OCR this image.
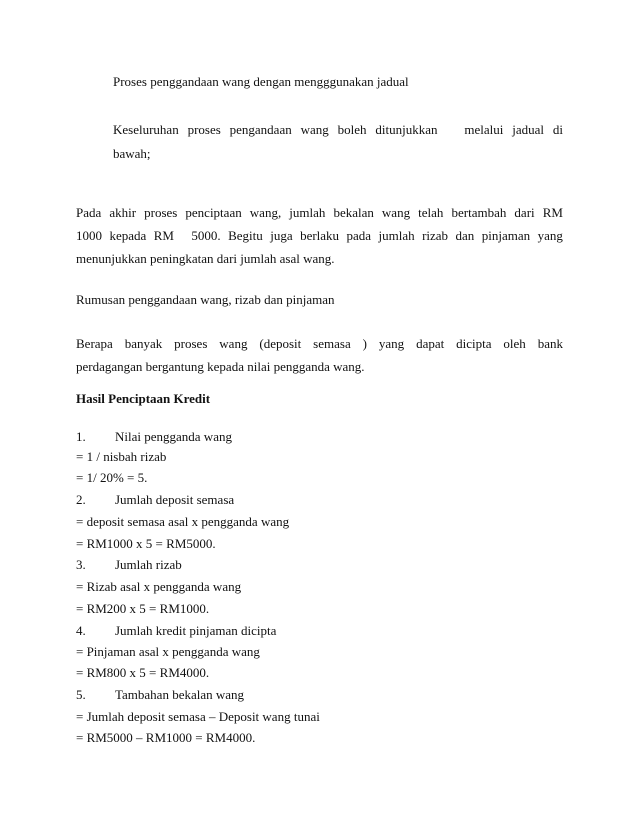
Proses penggandaan wang dengan mengggunakan jadual
Keseluruhan proses pengandaan wang boleh ditunjukkan melalui jadual di
bawah;
Pada akhir proses penciptaan wang, jumlah bekalan wang telah bertambah dari RM
1000 kepada RM 5000. Begitu juga berlaku pada jumlah rizab dan pinjaman yang
menunjukkan peningkatan dari jumlah asal wang.
Rumusan penggandaan wang, rizab dan pinjaman
Berapa banyak proses wang (deposit semasa ) yang dapat dicipta oleh bank
perdagangan bergantung kepada nilai pengganda wang.
Hasil Penciptaan Kredit
1. Nilai pengganda wang
= 1 / nisbah rizab
= 1/ 20% = 5.
2. Jumlah deposit semasa
= deposit semasa asal x pengganda wang
= RM1000 x 5 = RM5000.
3. Jumlah rizab
= Rizab asal x pengganda wang
= RM200 x 5 = RM1000.
4. Jumlah kredit pinjaman dicipta
= Pinjaman asal x pengganda wang
= RM800 x 5 = RM4000.
5. Tambahan bekalan wang
= Jumlah deposit semasa – Deposit wang tunai
= RM5000 – RM1000 = RM4000.
